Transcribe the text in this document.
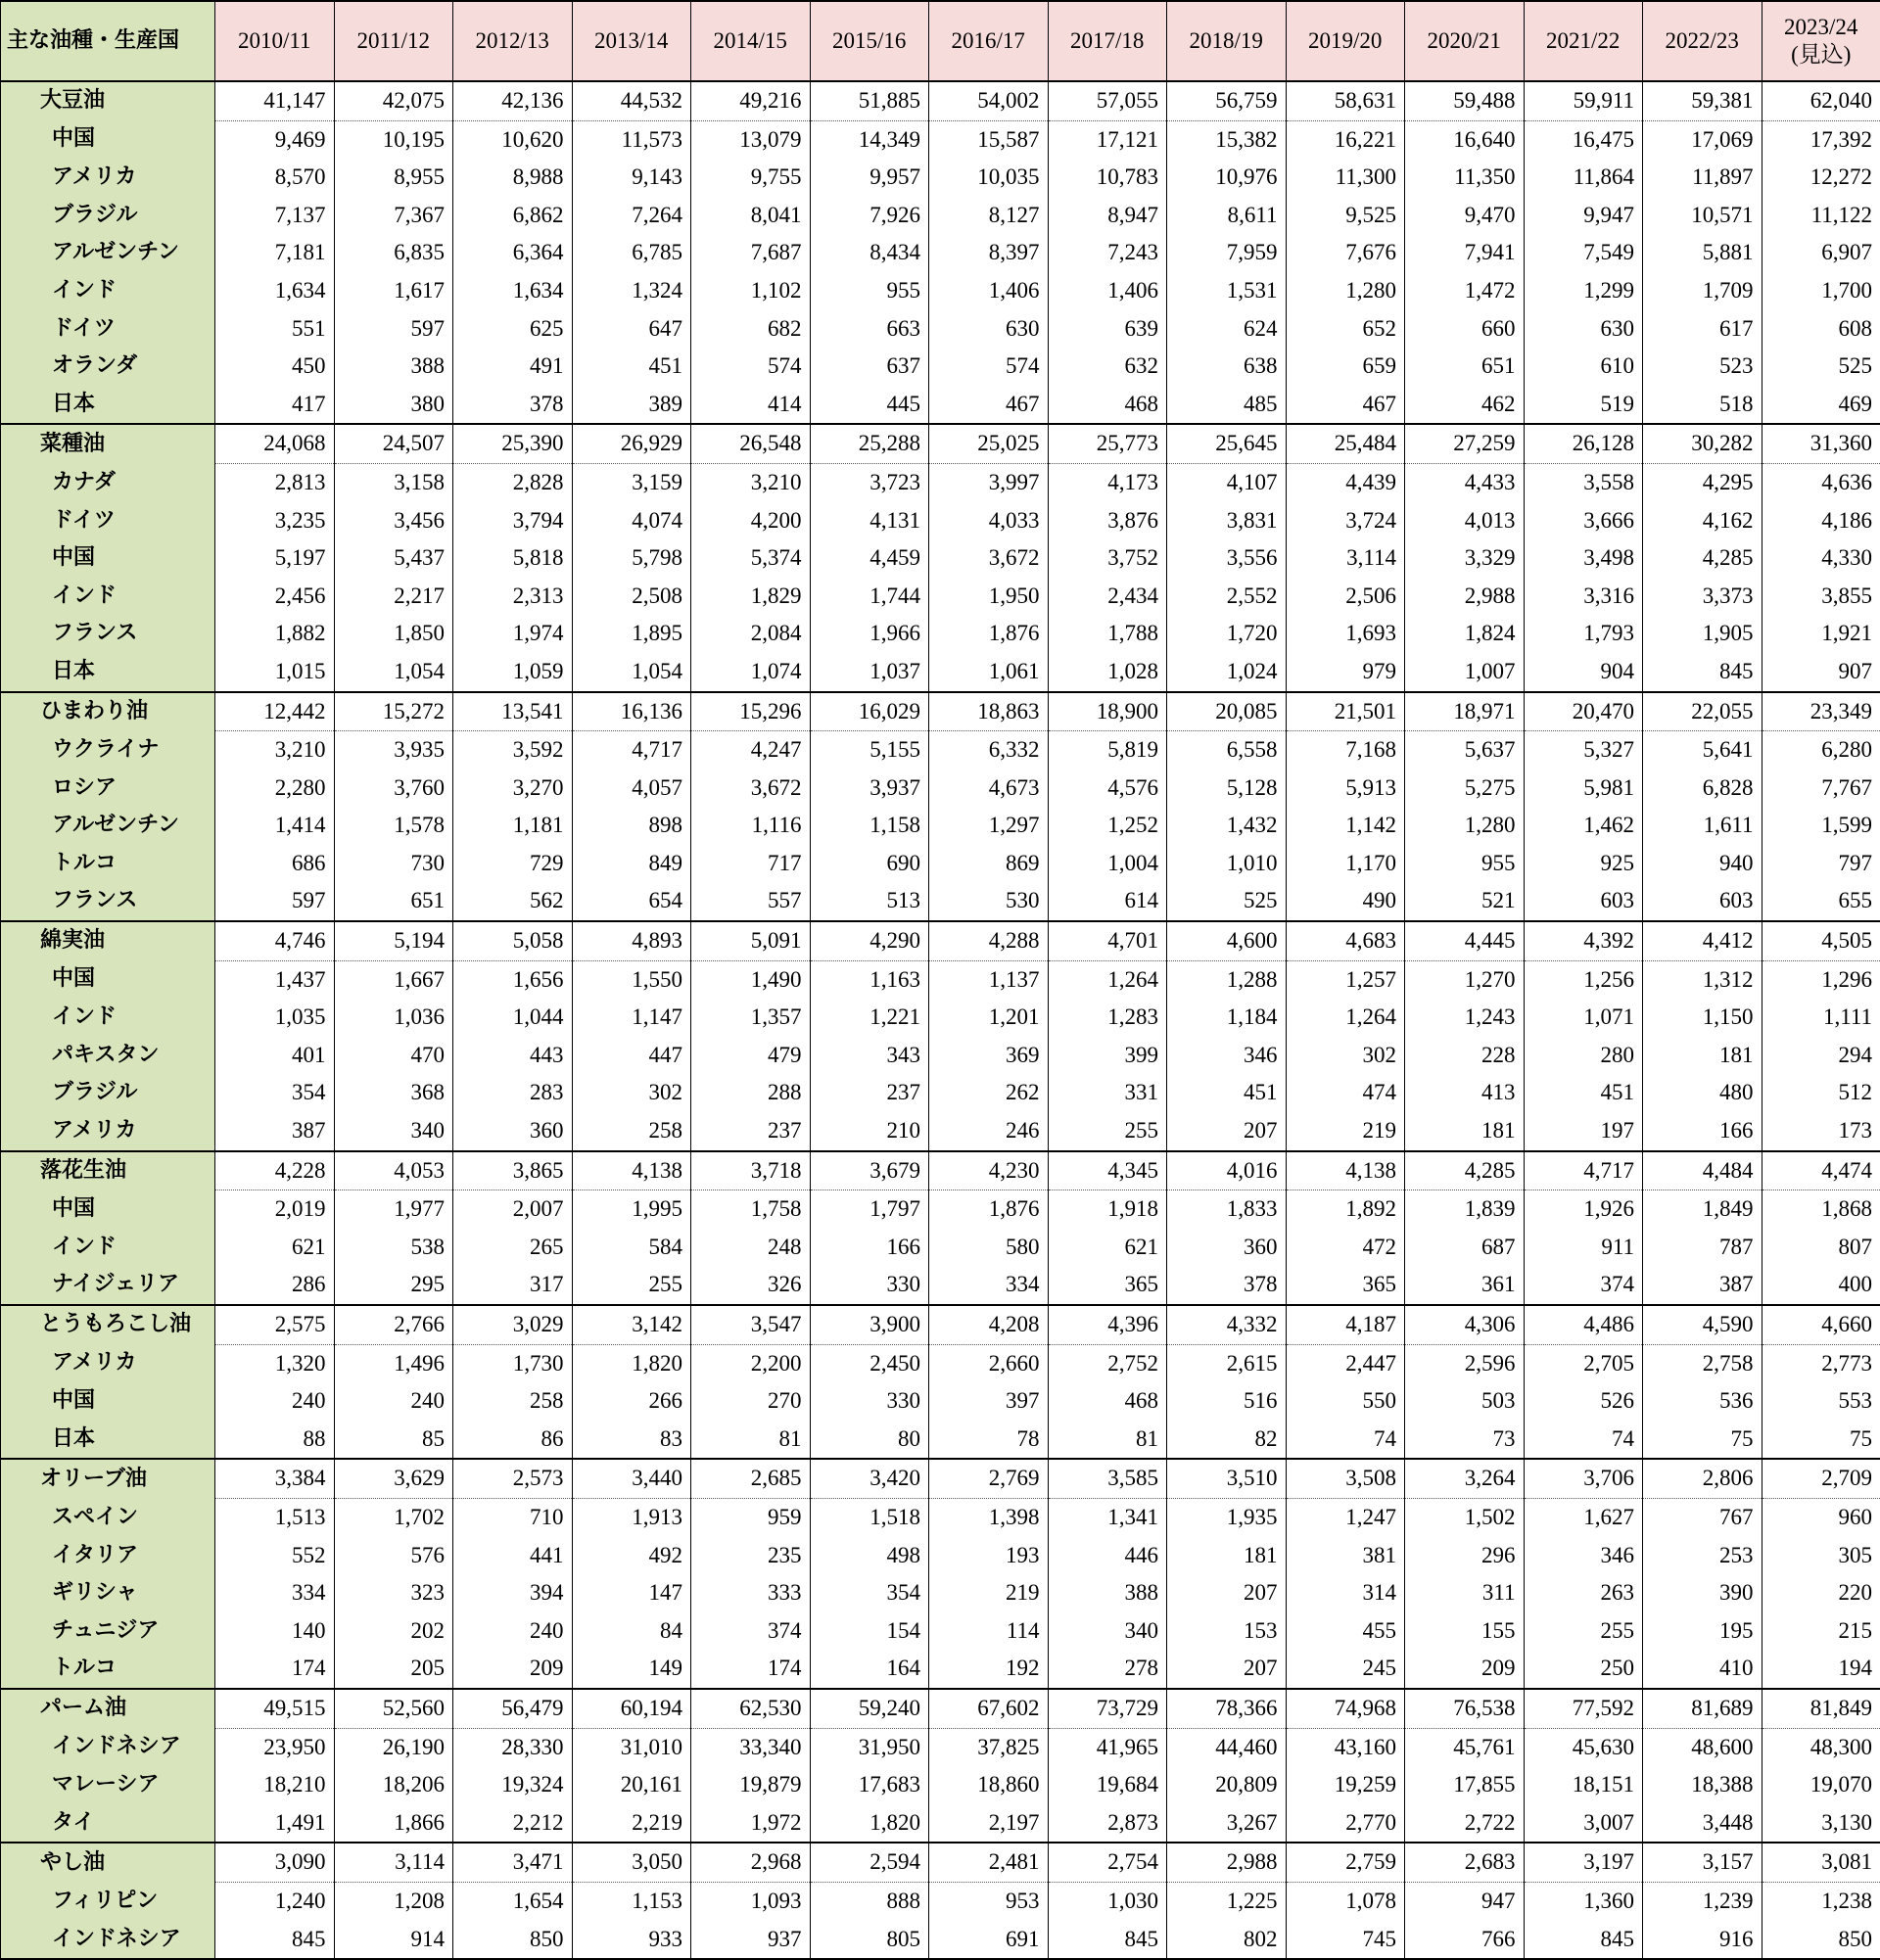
主な油種・生産国	2010/11	2011/12	2012/13	2013/14	2014/15	2015/16	2016/17	2017/18	2018/19	2019/20	2020/21	2021/22	2022/23	2023/24
(見込)
大豆油	41,147	42,075	42,136	44,532	49,216	51,885	54,002	57,055	56,759	58,631	59,488	59,911	59,381	62,040
中国	9,469	10,195	10,620	11,573	13,079	14,349	15,587	17,121	15,382	16,221	16,640	16,475	17,069	17,392
アメリカ	8,570	8,955	8,988	9,143	9,755	9,957	10,035	10,783	10,976	11,300	11,350	11,864	11,897	12,272
ブラジル	7,137	7,367	6,862	7,264	8,041	7,926	8,127	8,947	8,611	9,525	9,470	9,947	10,571	11,122
アルゼンチン	7,181	6,835	6,364	6,785	7,687	8,434	8,397	7,243	7,959	7,676	7,941	7,549	5,881	6,907
インド	1,634	1,617	1,634	1,324	1,102	955	1,406	1,406	1,531	1,280	1,472	1,299	1,709	1,700
ドイツ	551	597	625	647	682	663	630	639	624	652	660	630	617	608
オランダ	450	388	491	451	574	637	574	632	638	659	651	610	523	525
日本	417	380	378	389	414	445	467	468	485	467	462	519	518	469
菜種油	24,068	24,507	25,390	26,929	26,548	25,288	25,025	25,773	25,645	25,484	27,259	26,128	30,282	31,360
カナダ	2,813	3,158	2,828	3,159	3,210	3,723	3,997	4,173	4,107	4,439	4,433	3,558	4,295	4,636
ドイツ	3,235	3,456	3,794	4,074	4,200	4,131	4,033	3,876	3,831	3,724	4,013	3,666	4,162	4,186
中国	5,197	5,437	5,818	5,798	5,374	4,459	3,672	3,752	3,556	3,114	3,329	3,498	4,285	4,330
インド	2,456	2,217	2,313	2,508	1,829	1,744	1,950	2,434	2,552	2,506	2,988	3,316	3,373	3,855
フランス	1,882	1,850	1,974	1,895	2,084	1,966	1,876	1,788	1,720	1,693	1,824	1,793	1,905	1,921
日本	1,015	1,054	1,059	1,054	1,074	1,037	1,061	1,028	1,024	979	1,007	904	845	907
ひまわり油	12,442	15,272	13,541	16,136	15,296	16,029	18,863	18,900	20,085	21,501	18,971	20,470	22,055	23,349
ウクライナ	3,210	3,935	3,592	4,717	4,247	5,155	6,332	5,819	6,558	7,168	5,637	5,327	5,641	6,280
ロシア	2,280	3,760	3,270	4,057	3,672	3,937	4,673	4,576	5,128	5,913	5,275	5,981	6,828	7,767
アルゼンチン	1,414	1,578	1,181	898	1,116	1,158	1,297	1,252	1,432	1,142	1,280	1,462	1,611	1,599
トルコ	686	730	729	849	717	690	869	1,004	1,010	1,170	955	925	940	797
フランス	597	651	562	654	557	513	530	614	525	490	521	603	603	655
綿実油	4,746	5,194	5,058	4,893	5,091	4,290	4,288	4,701	4,600	4,683	4,445	4,392	4,412	4,505
中国	1,437	1,667	1,656	1,550	1,490	1,163	1,137	1,264	1,288	1,257	1,270	1,256	1,312	1,296
インド	1,035	1,036	1,044	1,147	1,357	1,221	1,201	1,283	1,184	1,264	1,243	1,071	1,150	1,111
パキスタン	401	470	443	447	479	343	369	399	346	302	228	280	181	294
ブラジル	354	368	283	302	288	237	262	331	451	474	413	451	480	512
アメリカ	387	340	360	258	237	210	246	255	207	219	181	197	166	173
落花生油	4,228	4,053	3,865	4,138	3,718	3,679	4,230	4,345	4,016	4,138	4,285	4,717	4,484	4,474
中国	2,019	1,977	2,007	1,995	1,758	1,797	1,876	1,918	1,833	1,892	1,839	1,926	1,849	1,868
インド	621	538	265	584	248	166	580	621	360	472	687	911	787	807
ナイジェリア	286	295	317	255	326	330	334	365	378	365	361	374	387	400
とうもろこし油	2,575	2,766	3,029	3,142	3,547	3,900	4,208	4,396	4,332	4,187	4,306	4,486	4,590	4,660
アメリカ	1,320	1,496	1,730	1,820	2,200	2,450	2,660	2,752	2,615	2,447	2,596	2,705	2,758	2,773
中国	240	240	258	266	270	330	397	468	516	550	503	526	536	553
日本	88	85	86	83	81	80	78	81	82	74	73	74	75	75
オリーブ油	3,384	3,629	2,573	3,440	2,685	3,420	2,769	3,585	3,510	3,508	3,264	3,706	2,806	2,709
スペイン	1,513	1,702	710	1,913	959	1,518	1,398	1,341	1,935	1,247	1,502	1,627	767	960
イタリア	552	576	441	492	235	498	193	446	181	381	296	346	253	305
ギリシャ	334	323	394	147	333	354	219	388	207	314	311	263	390	220
チュニジア	140	202	240	84	374	154	114	340	153	455	155	255	195	215
トルコ	174	205	209	149	174	164	192	278	207	245	209	250	410	194
パーム油	49,515	52,560	56,479	60,194	62,530	59,240	67,602	73,729	78,366	74,968	76,538	77,592	81,689	81,849
インドネシア	23,950	26,190	28,330	31,010	33,340	31,950	37,825	41,965	44,460	43,160	45,761	45,630	48,600	48,300
マレーシア	18,210	18,206	19,324	20,161	19,879	17,683	18,860	19,684	20,809	19,259	17,855	18,151	18,388	19,070
タイ	1,491	1,866	2,212	2,219	1,972	1,820	2,197	2,873	3,267	2,770	2,722	3,007	3,448	3,130
やし油	3,090	3,114	3,471	3,050	2,968	2,594	2,481	2,754	2,988	2,759	2,683	3,197	3,157	3,081
フィリピン	1,240	1,208	1,654	1,153	1,093	888	953	1,030	1,225	1,078	947	1,360	1,239	1,238
インドネシア	845	914	850	933	937	805	691	845	802	745	766	845	916	850
